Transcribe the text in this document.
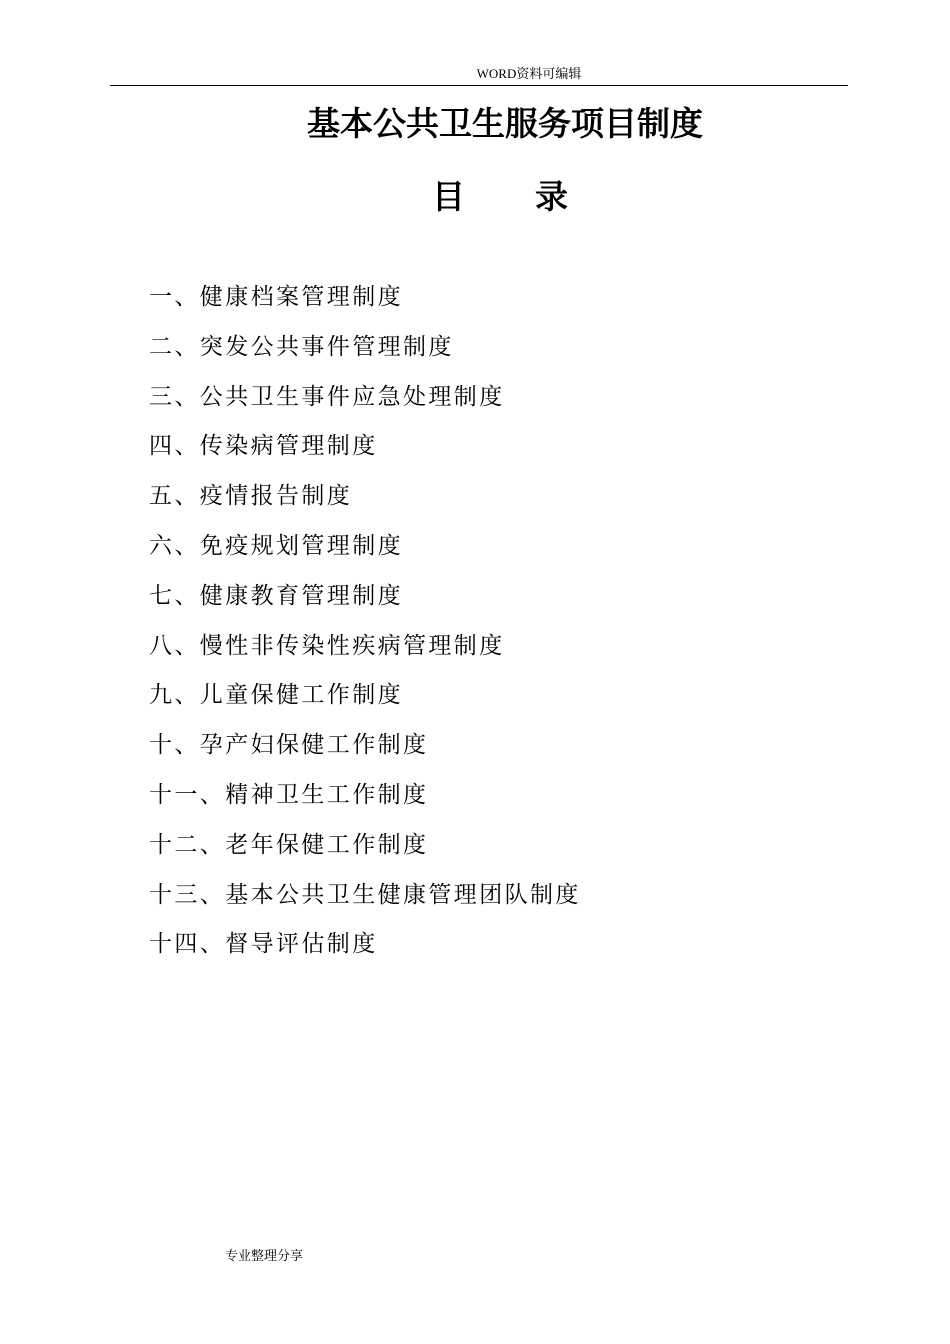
WORD资料可编辑
基本公共卫生服务项目制度
目录
一、健康档案管理制度
二、突发公共事件管理制度
三、公共卫生事件应急处理制度
四、传染病管理制度
五、疫情报告制度
六、免疫规划管理制度
七、健康教育管理制度
八、慢性非传染性疾病管理制度
九、儿童保健工作制度
十、孕产妇保健工作制度
十一、精神卫生工作制度
十二、老年保健工作制度
十三、基本公共卫生健康管理团队制度
十四、督导评估制度
专业整理分享
